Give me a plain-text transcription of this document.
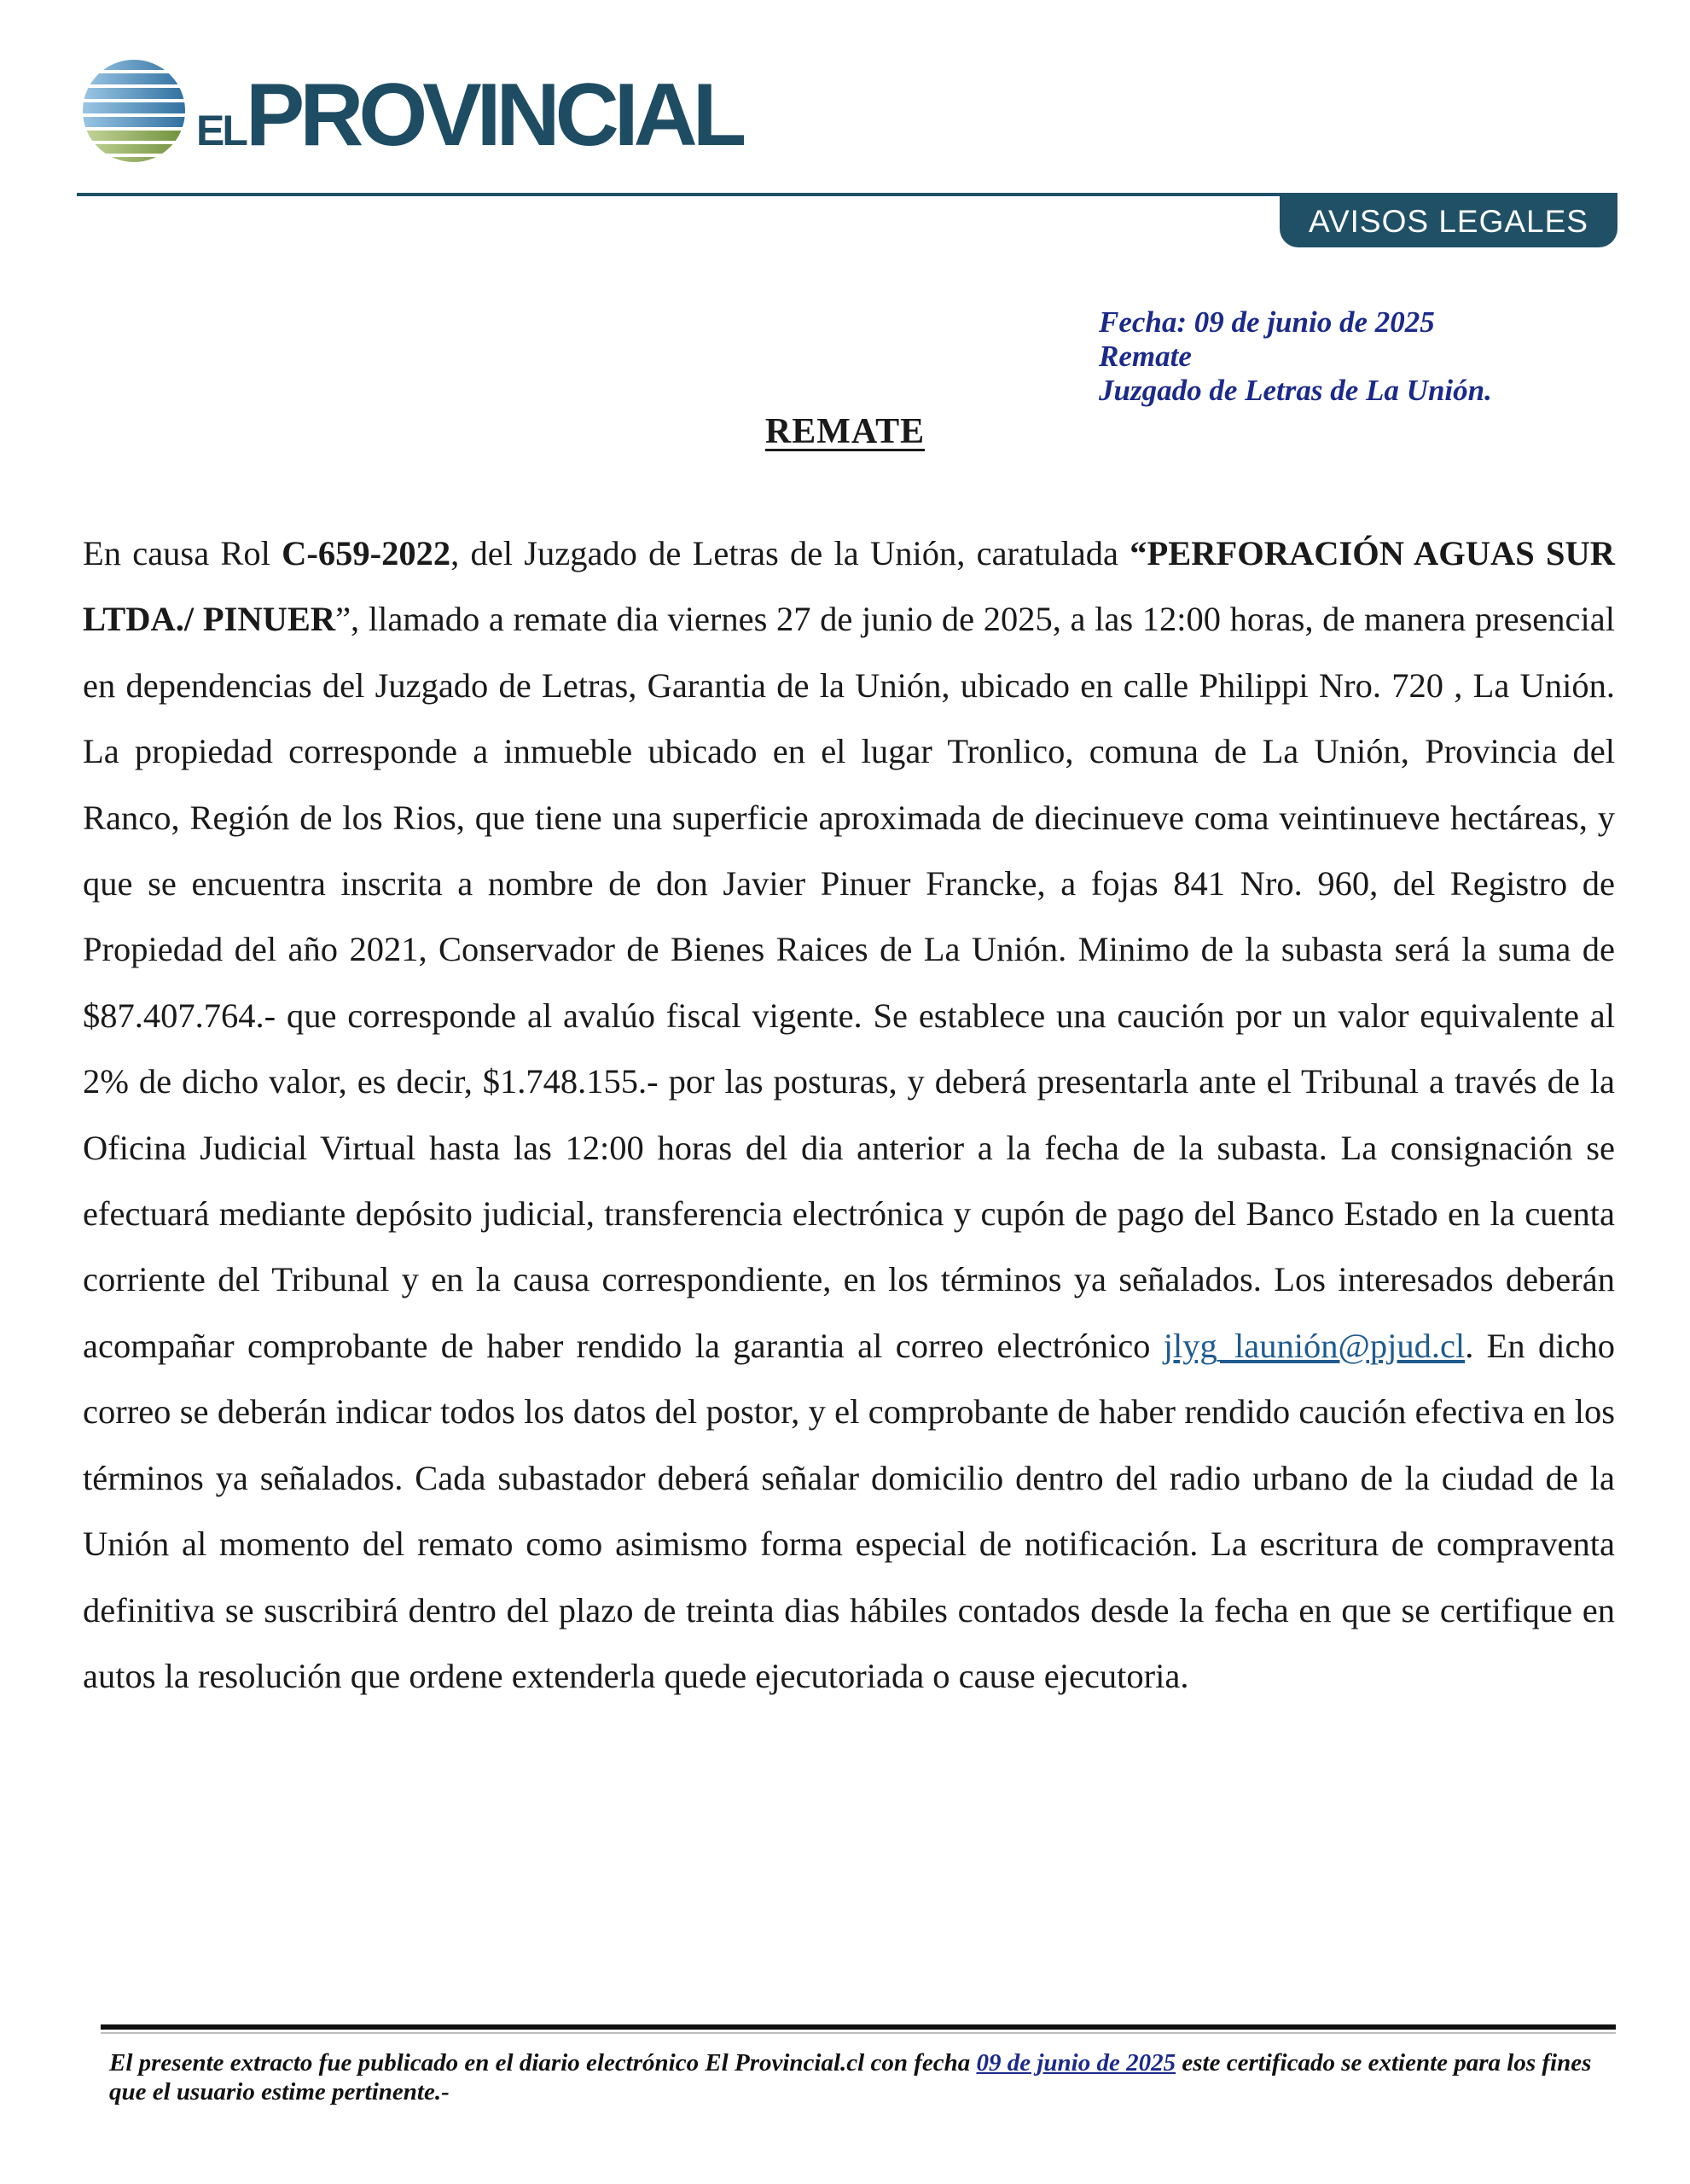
ELPROVINCIAL
AVISOS LEGALES
Fecha: 09 de junio de 2025
Remate
Juzgado de Letras de La Unión.
REMATE
En causa Rol C-659-2022, del Juzgado de Letras de la Unión, caratulada “PERFORACIÓN AGUAS SUR LTDA./ PINUER”, llamado a remate dia viernes 27 de junio de 2025, a las 12:00 horas, de manera presencial en dependencias del Juzgado de Letras, Garantia de la Unión, ubicado en calle Philippi Nro. 720 , La Unión. La propiedad corresponde a inmueble ubicado en el lugar Tronlico, comuna de La Unión, Provincia del Ranco, Región de los Rios, que tiene una superficie aproximada de diecinueve coma veintinueve hectáreas, y que se encuentra inscrita a nombre de don Javier Pinuer Francke, a fojas 841 Nro. 960, del Registro de Propiedad del año 2021, Conservador de Bienes Raices de La Unión. Minimo de la subasta será la suma de $87.407.764.- que corresponde al avalúo fiscal vigente. Se establece una caución por un valor equivalente al 2% de dicho valor, es decir, $1.748.155.- por las posturas, y deberá presentarla ante el Tribunal a través de la Oficina Judicial Virtual hasta las 12:00 horas del dia anterior a la fecha de la subasta. La consignación se efectuará mediante depósito judicial, transferencia electrónica y cupón de pago del Banco Estado en la cuenta corriente del Tribunal y en la causa correspondiente, en los términos ya señalados. Los interesados deberán acompañar comprobante de haber rendido la garantia al correo electrónico jlyg_launión@pjud.cl. En dicho correo se deberán indicar todos los datos del postor, y el comprobante de haber rendido caución efectiva en los términos ya señalados. Cada subastador deberá señalar domicilio dentro del radio urbano de la ciudad de la Unión al momento del remato como asimismo forma especial de notificación. La escritura de compraventa definitiva se suscribirá dentro del plazo de treinta dias hábiles contados desde la fecha en que se certifique en autos la resolución que ordene extenderla quede ejecutoriada o cause ejecutoria.
El presente extracto fue publicado en el diario electrónico El Provincial.cl con fecha 09 de junio de 2025 este certificado se extiente para los fines que el usuario estime pertinente.-
